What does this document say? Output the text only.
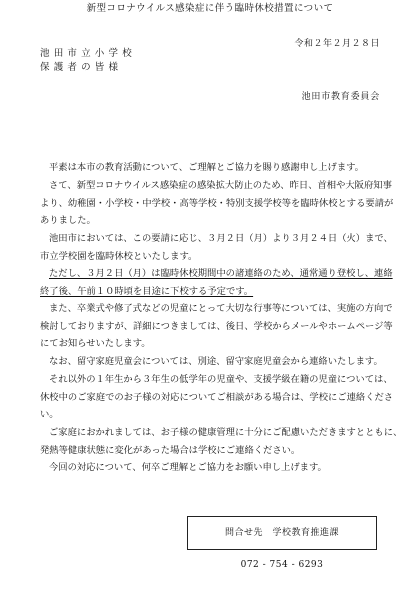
令和２年２月２８日
池田市立小学校
保護者の皆様
池田市教育委員会
新型コロナウイルス感染症に伴う臨時休校措置について
平素は本市の教育活動について、ご理解とご協力を賜り感謝申し上げます。
さて、新型コロナウイルス感染症の感染拡大防止のため、昨日、首相や大阪府知事
より、幼稚園・小学校・中学校・高等学校・特別支援学校等を臨時休校とする要請が
ありました。
池田市においては、この要請に応じ、３月２日（月）より３月２４日（火）まで、
市立学校園を臨時休校といたします。
ただし、３月２日（月）は臨時休校期間中の諸連絡のため、通常通り登校し、連絡
終了後、午前１０時頃を目途に下校する予定です。
また、卒業式や修了式などの児童にとって大切な行事等については、実施の方向で
検討しておりますが、詳細につきましては、後日、学校からメールやホームページ等
にてお知らせいたします。
なお、留守家庭児童会については、別途、留守家庭児童会から連絡いたします。
それ以外の１年生から３年生の低学年の児童や、支援学級在籍の児童については、
休校中のご家庭でのお子様の対応についてご相談がある場合は、学校にご連絡くださ
い。
ご家庭におかれましては、お子様の健康管理に十分にご配慮いただきますとともに、
発熱等健康状態に変化があった場合は学校にご連絡ください。
今回の対応について、何卒ご理解とご協力をお願い申し上げます。
問合せ先　 学校教育推進課　072 - 754 - 6293
